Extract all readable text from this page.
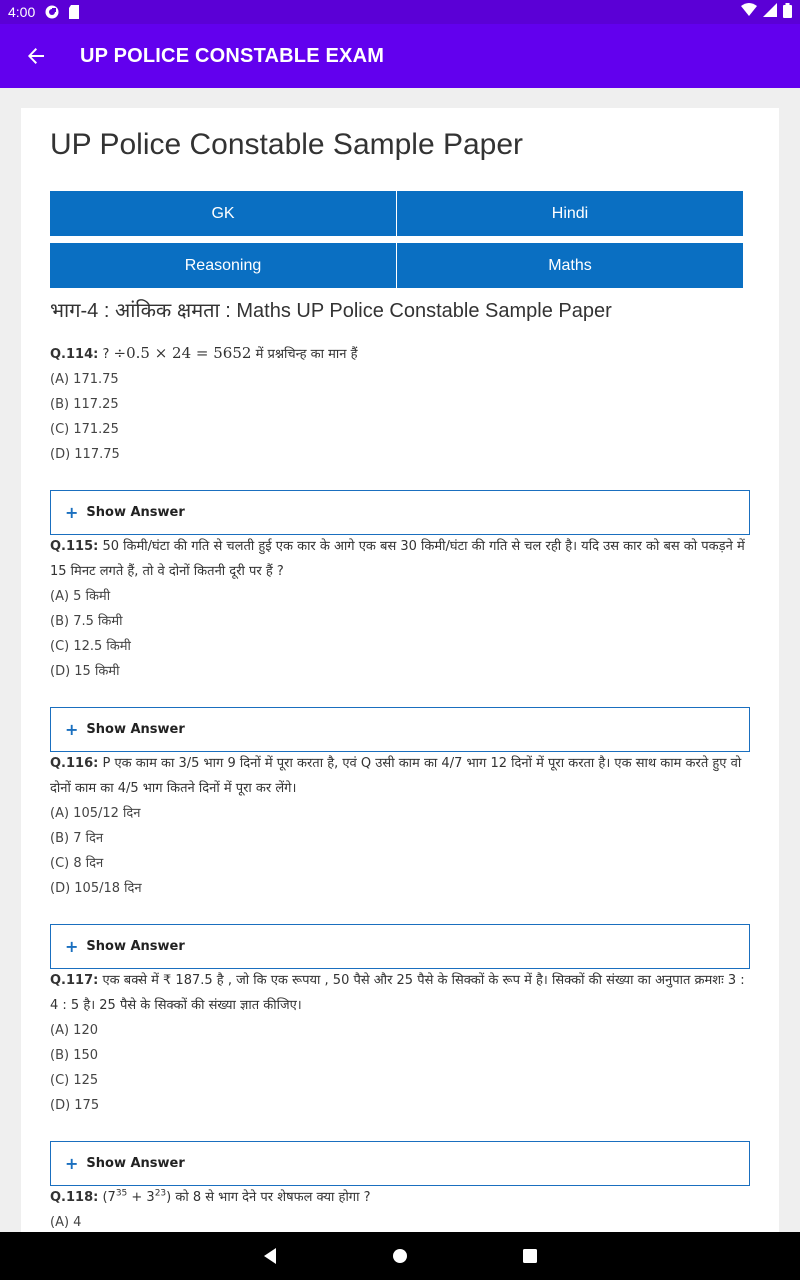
4:00
UP POLICE CONSTABLE EXAM
UP Police Constable Sample Paper
GK	Hindi
Reasoning	Maths
भाग-4 : आंकिक क्षमता : Maths UP Police Constable Sample Paper
Q.114: ? ÷0.5 × 24 = 5652 में प्रश्नचिन्ह का मान हैं
(A) 171.75
(B) 117.25
(C) 171.25
(D) 117.75
+ Show Answer
Q.115: 50 किमी/घंटा की गति से चलती हुई एक कार के आगे एक बस 30 किमी/घंटा की गति से चल रही है। यदि उस कार को बस को पकड़ने में 15 मिनट लगते हैं, तो वे दोनों कितनी दूरी पर हैं ?
(A) 5 किमी
(B) 7.5 किमी
(C) 12.5 किमी
(D) 15 किमी
+ Show Answer
Q.116: P एक काम का 3/5 भाग 9 दिनों में पूरा करता है, एवं Q उसी काम का 4/7 भाग 12 दिनों में पूरा करता है। एक साथ काम करते हुए वो दोनों काम का 4/5 भाग कितने दिनों में पूरा कर लेंगे।
(A) 105/12 दिन
(B) 7 दिन
(C) 8 दिन
(D) 105/18 दिन
+ Show Answer
Q.117: एक बक्से में ₹ 187.5 है , जो कि एक रूपया , 50 पैसे और 25 पैसे के सिक्कों के रूप में है। सिक्कों की संख्या का अनुपात क्रमशः 3 : 4 : 5 है। 25 पैसे के सिक्कों की संख्या ज्ञात कीजिए।
(A) 120
(B) 150
(C) 125
(D) 175
+ Show Answer
Q.118: $(7^{35} + 3^{23})$ को 8 से भाग देने पर शेषफल क्या होगा ?
(A) 4
